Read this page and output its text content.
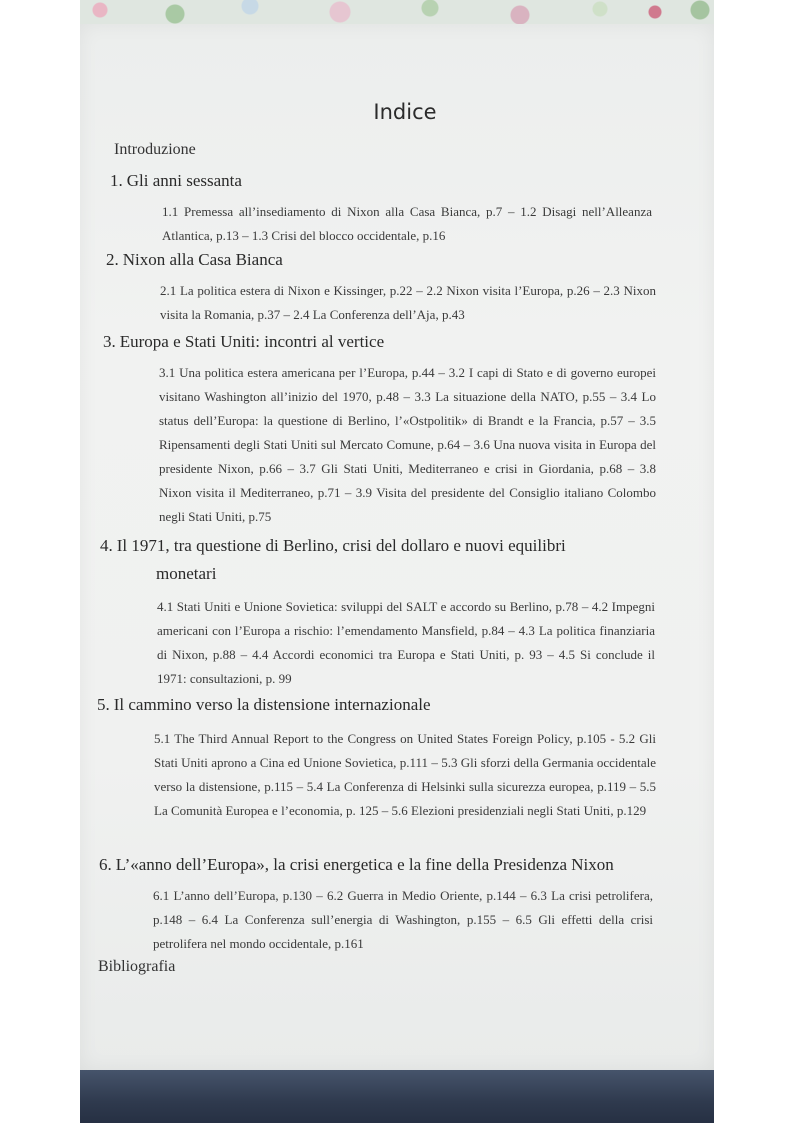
Indice
Introduzione
1. Gli anni sessanta
1.1 Premessa all’insediamento di Nixon alla Casa Bianca, p.7 – 1.2 Disagi nell’Alleanza Atlantica, p.13 – 1.3 Crisi del blocco occidentale, p.16
2. Nixon alla Casa Bianca
2.1 La politica estera di Nixon e Kissinger, p.22 – 2.2 Nixon visita l’Europa, p.26 – 2.3 Nixon visita la Romania, p.37 – 2.4 La Conferenza dell’Aja, p.43
3. Europa e Stati Uniti: incontri al vertice
3.1 Una politica estera americana per l’Europa, p.44 – 3.2 I capi di Stato e di governo europei visitano Washington all’inizio del 1970, p.48 – 3.3 La situazione della NATO, p.55 – 3.4 Lo status dell’Europa: la questione di Berlino, l’«Ostpolitik» di Brandt e la Francia, p.57 – 3.5 Ripensamenti degli Stati Uniti sul Mercato Comune, p.64 – 3.6 Una nuova visita in Europa del presidente Nixon, p.66 – 3.7 Gli Stati Uniti, Mediterraneo e crisi in Giordania, p.68 – 3.8 Nixon visita il Mediterraneo, p.71 – 3.9 Visita del presidente del Consiglio italiano Colombo negli Stati Uniti, p.75
4. Il 1971, tra questione di Berlino, crisi del dollaro e nuovi equilibri
monetari
4.1 Stati Uniti e Unione Sovietica: sviluppi del SALT e accordo su Berlino, p.78 – 4.2 Impegni americani con l’Europa a rischio: l’emendamento Mansfield, p.84 – 4.3 La politica finanziaria di Nixon, p.88 – 4.4 Accordi economici tra Europa e Stati Uniti, p. 93 – 4.5 Si conclude il 1971: consultazioni, p. 99
5. Il cammino verso la distensione internazionale
5.1 The Third Annual Report to the Congress on United States Foreign Policy, p.105 - 5.2 Gli Stati Uniti aprono a Cina ed Unione Sovietica, p.111 – 5.3 Gli sforzi della Germania occidentale verso la distensione, p.115 – 5.4 La Conferenza di Helsinki sulla sicurezza europea, p.119 – 5.5 La Comunità Europea e l’economia, p. 125 – 5.6 Elezioni presidenziali negli Stati Uniti, p.129
6. L’«anno dell’Europa», la crisi energetica e la fine della Presidenza Nixon
6.1 L’anno dell’Europa, p.130 – 6.2 Guerra in Medio Oriente, p.144 – 6.3 La crisi petrolifera, p.148 – 6.4 La Conferenza sull’energia di Washington, p.155 – 6.5 Gli effetti della crisi petrolifera nel mondo occidentale, p.161
Bibliografia
